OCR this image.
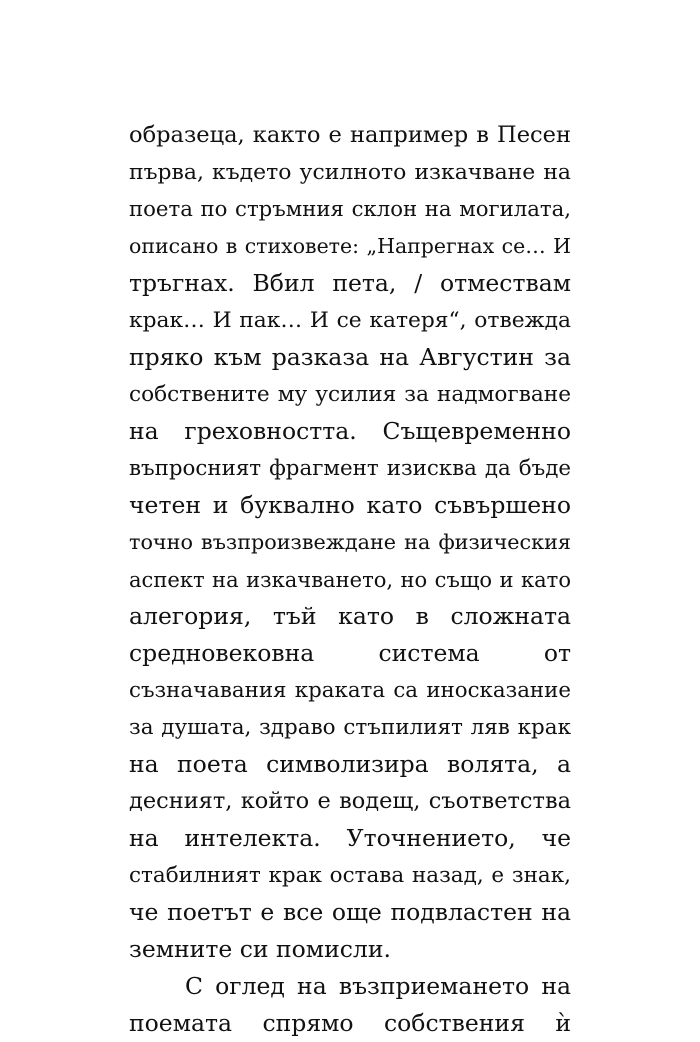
образеца, както е например в Песен
първа, където усилното изкачване на
поета по стръмния склон на могилата,
описано в стиховете: „Напрегнах се… И
тръгнах. Вбил пета, / отмествам
крак… И пак… И се катеря“, отвежда
пряко към разказа на Августин за
собствените му усилия за надмогване
на греховността. Същевременно
въпросният фрагмент изисква да бъде
четен и буквално като съвършено
точно възпроизвеждане на физическия
аспект на изкачването, но също и като
алегория, тъй като в сложната
средновековна система от
съзначавания краката са иносказание
за душата, здраво стъпилият ляв крак
на поета символизира волята, а
десният, който е водещ, съответства
на интелекта. Уточнението, че
стабилният крак остава назад, е знак,
че поетът е все още подвластен на
земните си помисли.
С оглед на възприемането на
поемата спрямо собствения ѝ
